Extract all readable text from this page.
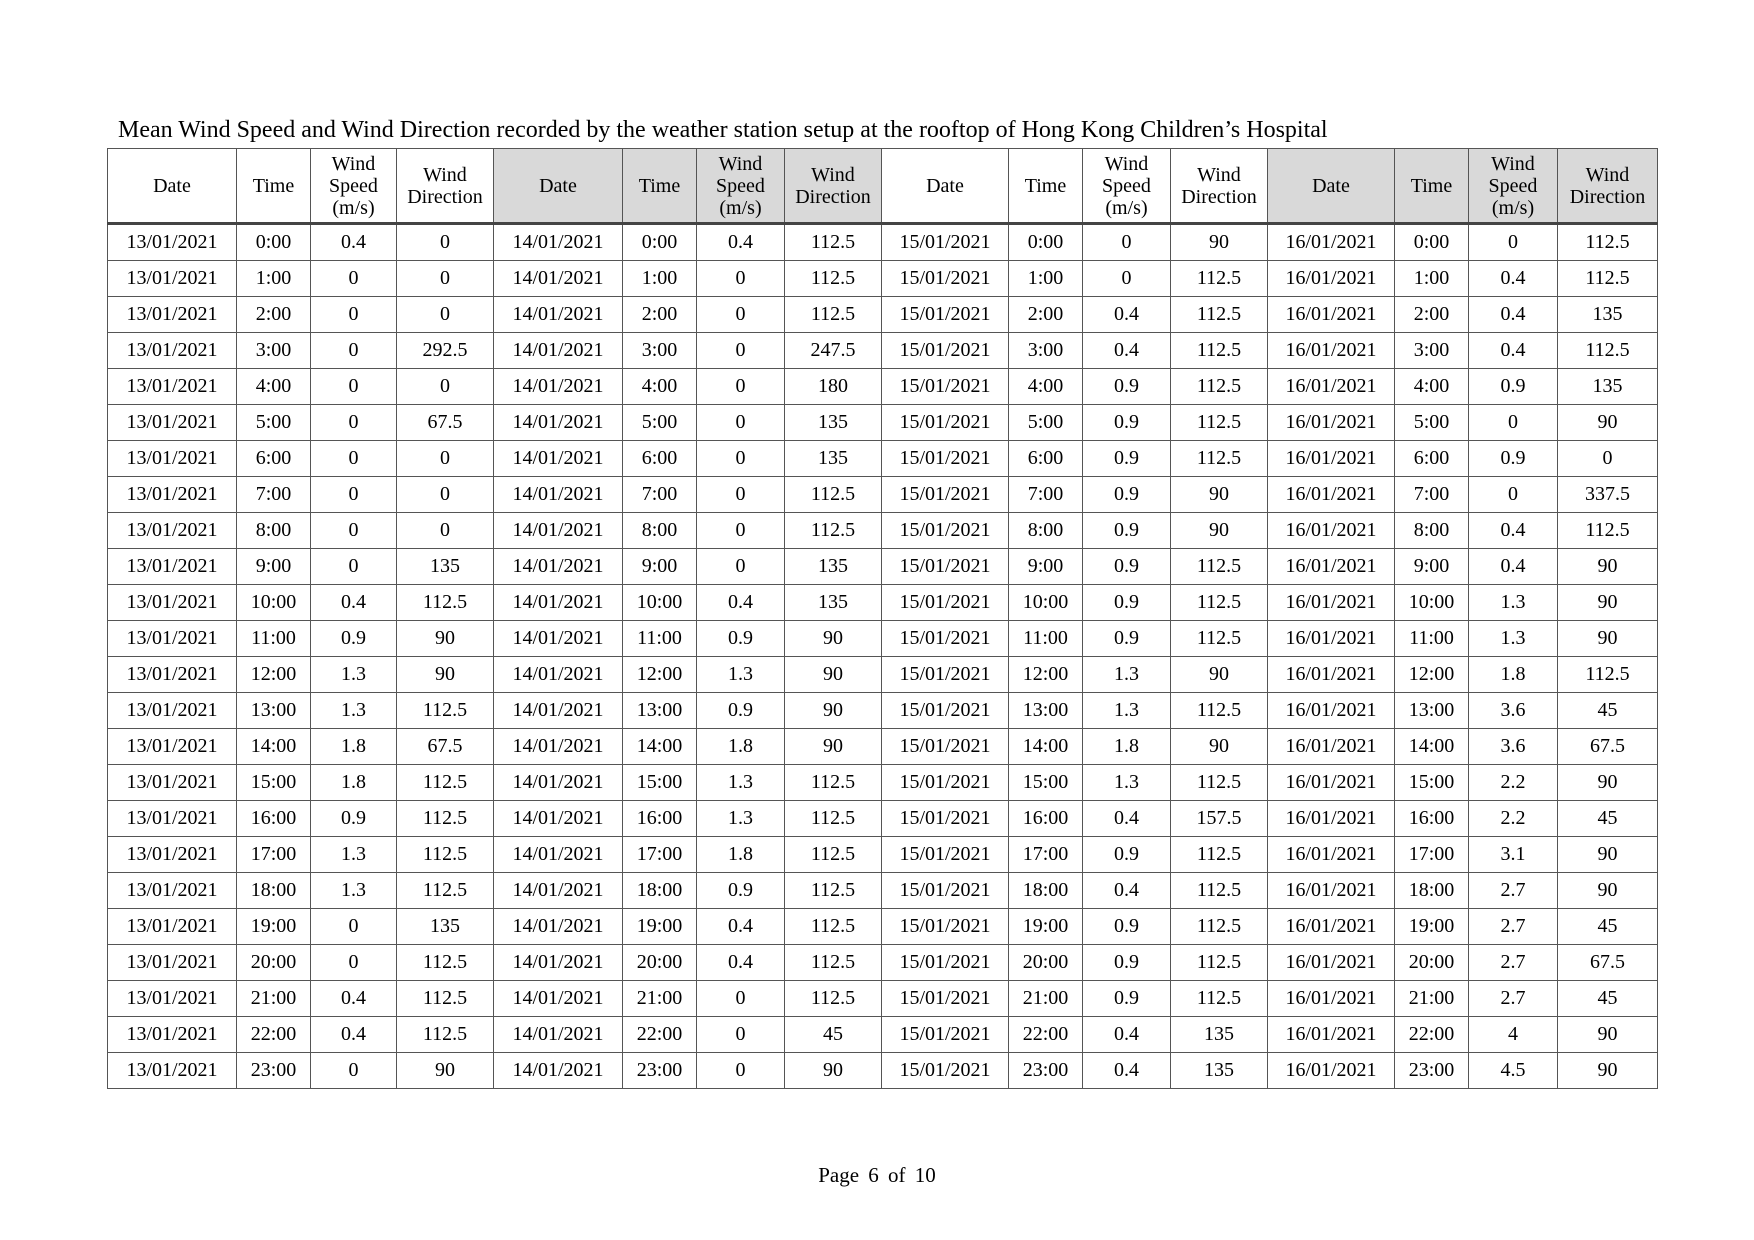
Mean Wind Speed and Wind Direction recorded by the weather station setup at the rooftop of Hong Kong Children’s Hospital
Date	Time	Wind
Speed
(m/s)	Wind
Direction	Date	Time	Wind
Speed
(m/s)	Wind
Direction	Date	Time	Wind
Speed
(m/s)	Wind
Direction	Date	Time	Wind
Speed
(m/s)	Wind
Direction
13/01/2021	0:00	0.4	0	14/01/2021	0:00	0.4	112.5	15/01/2021	0:00	0	90	16/01/2021	0:00	0	112.5
13/01/2021	1:00	0	0	14/01/2021	1:00	0	112.5	15/01/2021	1:00	0	112.5	16/01/2021	1:00	0.4	112.5
13/01/2021	2:00	0	0	14/01/2021	2:00	0	112.5	15/01/2021	2:00	0.4	112.5	16/01/2021	2:00	0.4	135
13/01/2021	3:00	0	292.5	14/01/2021	3:00	0	247.5	15/01/2021	3:00	0.4	112.5	16/01/2021	3:00	0.4	112.5
13/01/2021	4:00	0	0	14/01/2021	4:00	0	180	15/01/2021	4:00	0.9	112.5	16/01/2021	4:00	0.9	135
13/01/2021	5:00	0	67.5	14/01/2021	5:00	0	135	15/01/2021	5:00	0.9	112.5	16/01/2021	5:00	0	90
13/01/2021	6:00	0	0	14/01/2021	6:00	0	135	15/01/2021	6:00	0.9	112.5	16/01/2021	6:00	0.9	0
13/01/2021	7:00	0	0	14/01/2021	7:00	0	112.5	15/01/2021	7:00	0.9	90	16/01/2021	7:00	0	337.5
13/01/2021	8:00	0	0	14/01/2021	8:00	0	112.5	15/01/2021	8:00	0.9	90	16/01/2021	8:00	0.4	112.5
13/01/2021	9:00	0	135	14/01/2021	9:00	0	135	15/01/2021	9:00	0.9	112.5	16/01/2021	9:00	0.4	90
13/01/2021	10:00	0.4	112.5	14/01/2021	10:00	0.4	135	15/01/2021	10:00	0.9	112.5	16/01/2021	10:00	1.3	90
13/01/2021	11:00	0.9	90	14/01/2021	11:00	0.9	90	15/01/2021	11:00	0.9	112.5	16/01/2021	11:00	1.3	90
13/01/2021	12:00	1.3	90	14/01/2021	12:00	1.3	90	15/01/2021	12:00	1.3	90	16/01/2021	12:00	1.8	112.5
13/01/2021	13:00	1.3	112.5	14/01/2021	13:00	0.9	90	15/01/2021	13:00	1.3	112.5	16/01/2021	13:00	3.6	45
13/01/2021	14:00	1.8	67.5	14/01/2021	14:00	1.8	90	15/01/2021	14:00	1.8	90	16/01/2021	14:00	3.6	67.5
13/01/2021	15:00	1.8	112.5	14/01/2021	15:00	1.3	112.5	15/01/2021	15:00	1.3	112.5	16/01/2021	15:00	2.2	90
13/01/2021	16:00	0.9	112.5	14/01/2021	16:00	1.3	112.5	15/01/2021	16:00	0.4	157.5	16/01/2021	16:00	2.2	45
13/01/2021	17:00	1.3	112.5	14/01/2021	17:00	1.8	112.5	15/01/2021	17:00	0.9	112.5	16/01/2021	17:00	3.1	90
13/01/2021	18:00	1.3	112.5	14/01/2021	18:00	0.9	112.5	15/01/2021	18:00	0.4	112.5	16/01/2021	18:00	2.7	90
13/01/2021	19:00	0	135	14/01/2021	19:00	0.4	112.5	15/01/2021	19:00	0.9	112.5	16/01/2021	19:00	2.7	45
13/01/2021	20:00	0	112.5	14/01/2021	20:00	0.4	112.5	15/01/2021	20:00	0.9	112.5	16/01/2021	20:00	2.7	67.5
13/01/2021	21:00	0.4	112.5	14/01/2021	21:00	0	112.5	15/01/2021	21:00	0.9	112.5	16/01/2021	21:00	2.7	45
13/01/2021	22:00	0.4	112.5	14/01/2021	22:00	0	45	15/01/2021	22:00	0.4	135	16/01/2021	22:00	4	90
13/01/2021	23:00	0	90	14/01/2021	23:00	0	90	15/01/2021	23:00	0.4	135	16/01/2021	23:00	4.5	90
Page 6 of 10
